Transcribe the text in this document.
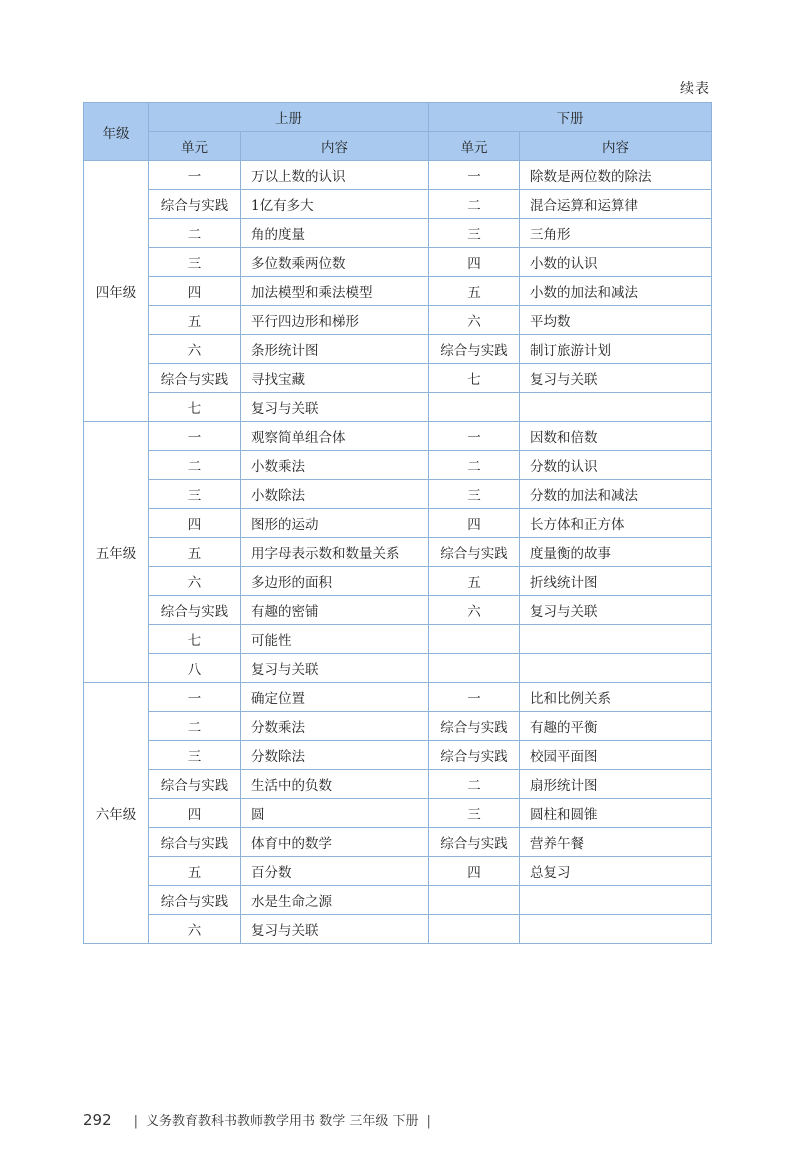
续表
年级	上册		下册	
	单元	内容	单元	内容
四年级	一	万以上数的认识	一	除数是两位数的除法
	综合与实践	1亿有多大	二	混合运算和运算律
	二	角的度量	三	三角形
	三	多位数乘两位数	四	小数的认识
	四	加法模型和乘法模型	五	小数的加法和减法
	五	平行四边形和梯形	六	平均数
	六	条形统计图	综合与实践	制订旅游计划
	综合与实践	寻找宝藏	七	复习与关联
	七	复习与关联		
五年级	一	观察简单组合体	一	因数和倍数
	二	小数乘法	二	分数的认识
	三	小数除法	三	分数的加法和减法
	四	图形的运动	四	长方体和正方体
	五	用字母表示数和数量关系	综合与实践	度量衡的故事
	六	多边形的面积	五	折线统计图
	综合与实践	有趣的密铺	六	复习与关联
	七	可能性		
	八	复习与关联		
六年级	一	确定位置	一	比和比例关系
	二	分数乘法	综合与实践	有趣的平衡
	三	分数除法	综合与实践	校园平面图
	综合与实践	生活中的负数	二	扇形统计图
	四	圆	三	圆柱和圆锥
	综合与实践	体育中的数学	综合与实践	营养午餐
	五	百分数	四	总复习
	综合与实践	水是生命之源		
	六	复习与关联		
292 | 义务教育教科书教师教学用书 数学 三年级 下册 |
